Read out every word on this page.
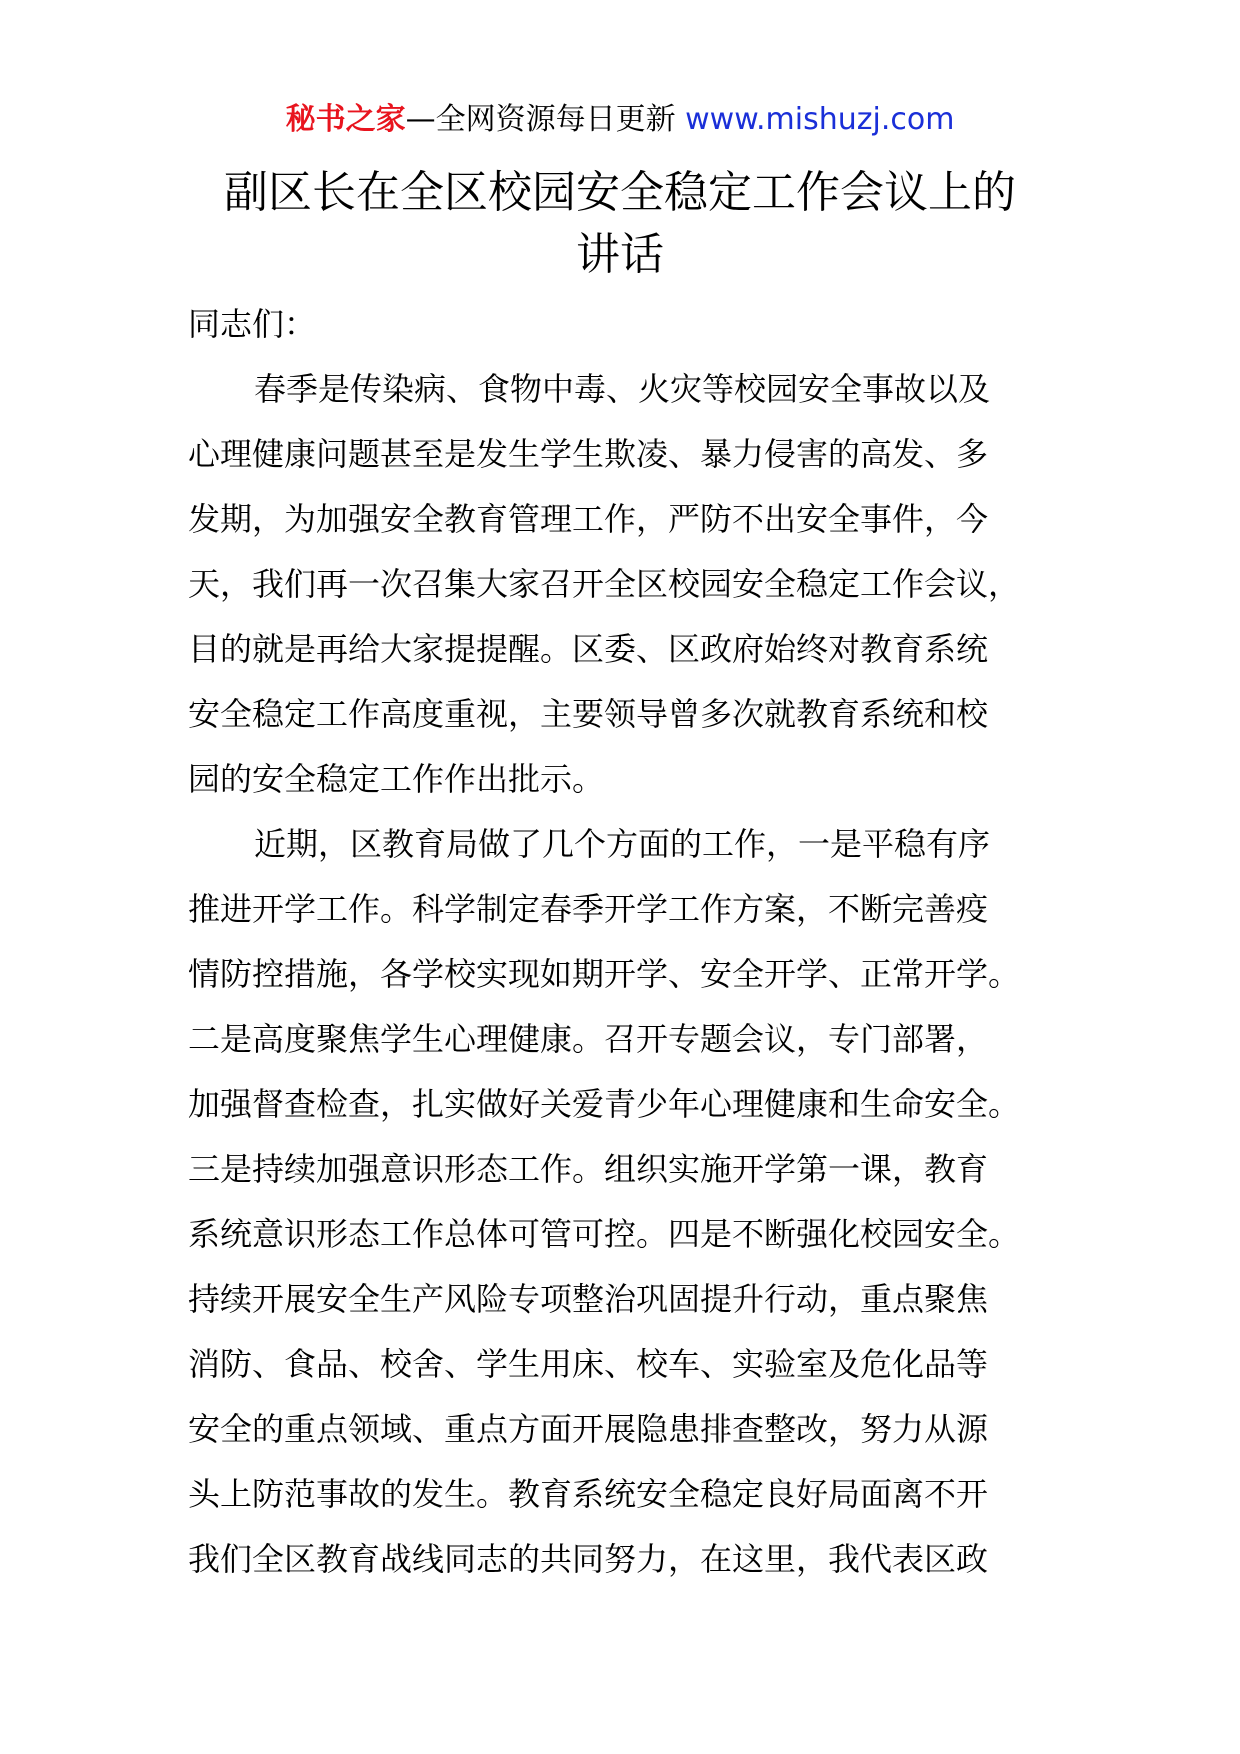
秘书之家—全网资源每日更新 www.mishuzj.com
副区长在全区校园安全稳定工作会议上的
讲话
同志们：
春季是传染病、食物中毒、火灾等校园安全事故以及
心理健康问题甚至是发生学生欺凌、暴力侵害的高发、多
发期，为加强安全教育管理工作，严防不出安全事件，今
天，我们再一次召集大家召开全区校园安全稳定工作会议，
目的就是再给大家提提醒。区委、区政府始终对教育系统
安全稳定工作高度重视，主要领导曾多次就教育系统和校
园的安全稳定工作作出批示。
近期，区教育局做了几个方面的工作，一是平稳有序
推进开学工作。科学制定春季开学工作方案，不断完善疫
情防控措施，各学校实现如期开学、安全开学、正常开学。
二是高度聚焦学生心理健康。召开专题会议，专门部署，
加强督查检查，扎实做好关爱青少年心理健康和生命安全。
三是持续加强意识形态工作。组织实施开学第一课，教育
系统意识形态工作总体可管可控。四是不断强化校园安全。
持续开展安全生产风险专项整治巩固提升行动，重点聚焦
消防、食品、校舍、学生用床、校车、实验室及危化品等
安全的重点领域、重点方面开展隐患排查整改，努力从源
头上防范事故的发生。教育系统安全稳定良好局面离不开
我们全区教育战线同志的共同努力，在这里，我代表区政
